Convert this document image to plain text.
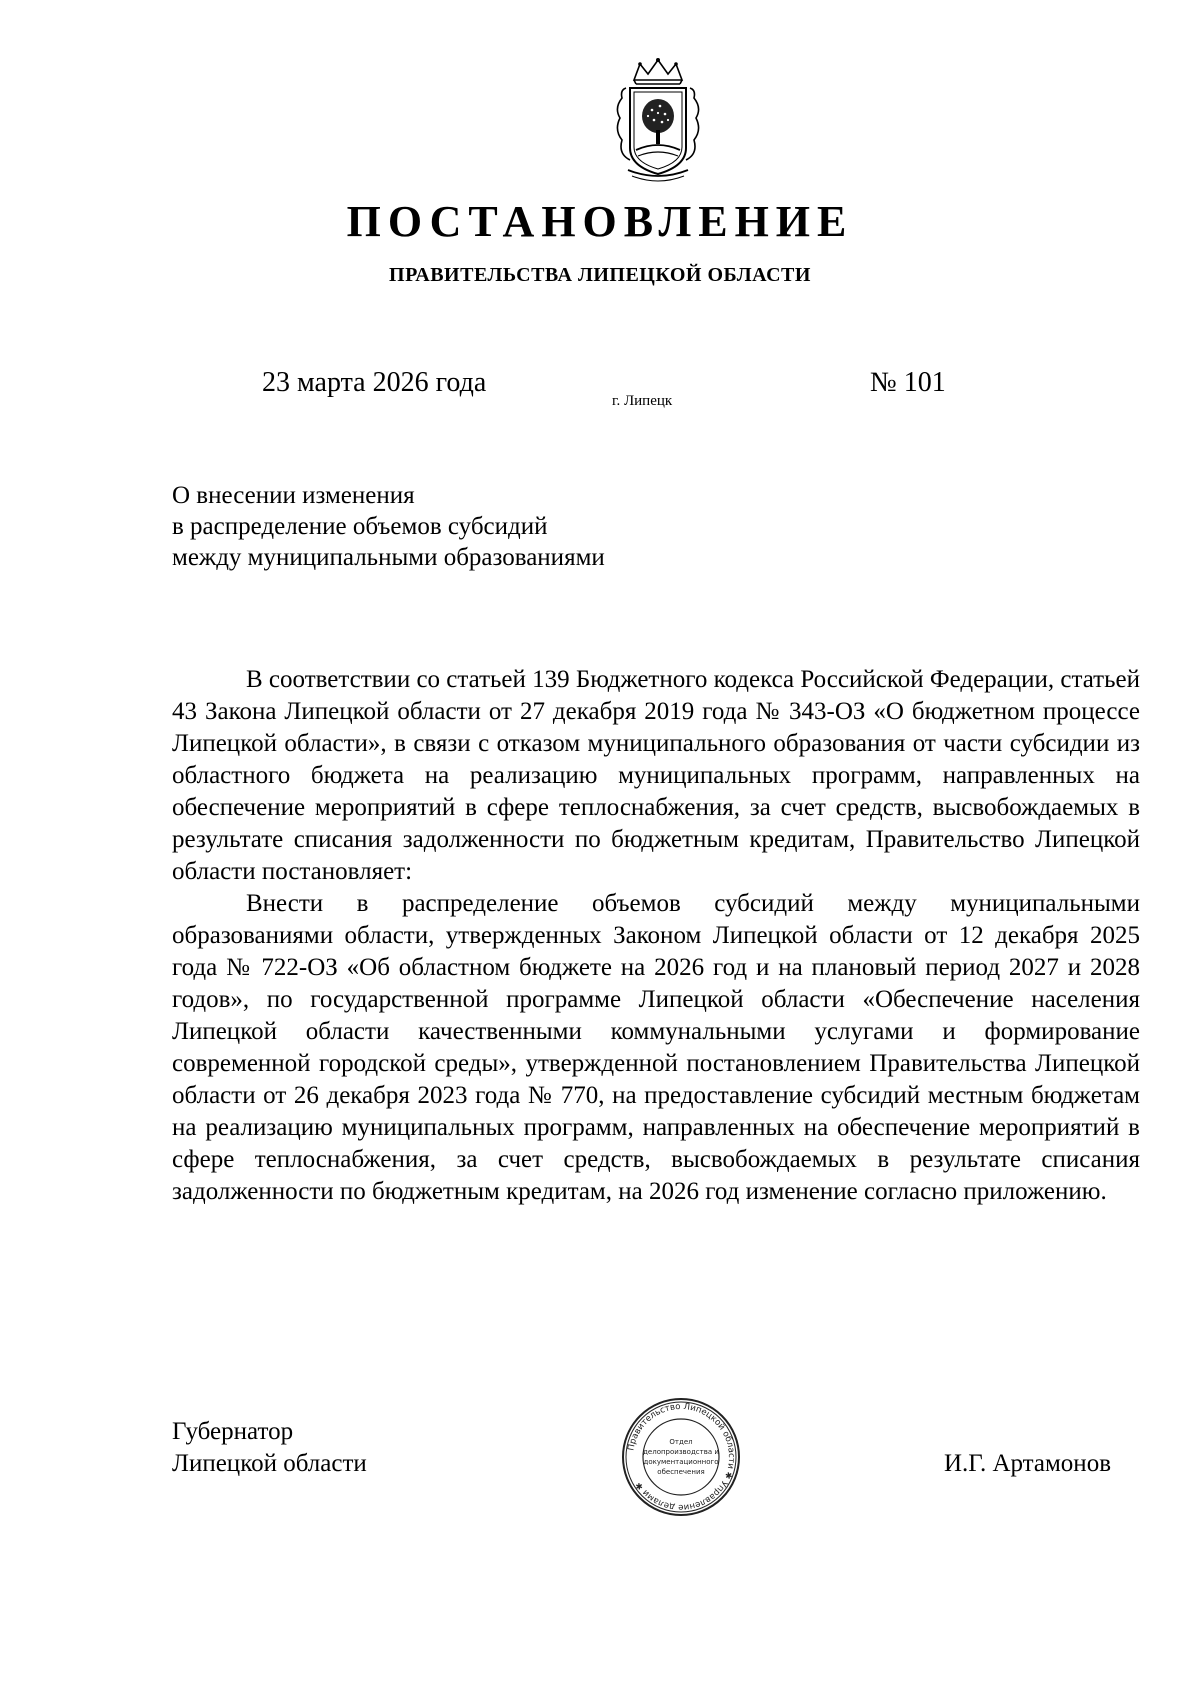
ПОСТАНОВЛЕНИЕ
ПРАВИТЕЛЬСТВА ЛИПЕЦКОЙ ОБЛАСТИ
23 марта 2026 года
г. Липецк
№ 101
О внесении изменения
в распределение объемов субсидий
между муниципальными образованиями

В соответствии со статьей 139 Бюджетного кодекса Российской Федерации, статьей 43 Закона Липецкой области от 27 декабря 2019 года № 343-ОЗ «О бюджетном процессе Липецкой области», в связи с отказом муниципального образования от части субсидии из областного бюджета на реализацию муниципальных программ, направленных на обеспечение мероприятий в сфере теплоснабжения, за счет средств, высвобождаемых в результате списания задолженности по бюджетным кредитам, Правительство Липецкой области постановляет:

Внести в распределение объемов субсидий между муниципальными образованиями области, утвержденных Законом Липецкой области от 12 декабря 2025 года № 722-ОЗ «Об областном бюджете на 2026 год и на плановый период 2027 и 2028 годов», по государственной программе Липецкой области «Обеспечение населения Липецкой области качественными коммунальными услугами и формирование современной городской среды», утвержденной постановлением Правительства Липецкой области от 26 декабря 2023 года № 770, на предоставление субсидий местным бюджетам на реализацию муниципальных программ, направленных на обеспечение мероприятий в сфере теплоснабжения, за счет средств, высвобождаемых в результате списания задолженности по бюджетным кредитам, на 2026 год изменение согласно приложению.

Губернатор
Липецкой области
Правительство Липецкой области ✱ Управление делами ✱
Отдел
делопроизводства и
документационного
обеспечения	И.Г. Артамонов
